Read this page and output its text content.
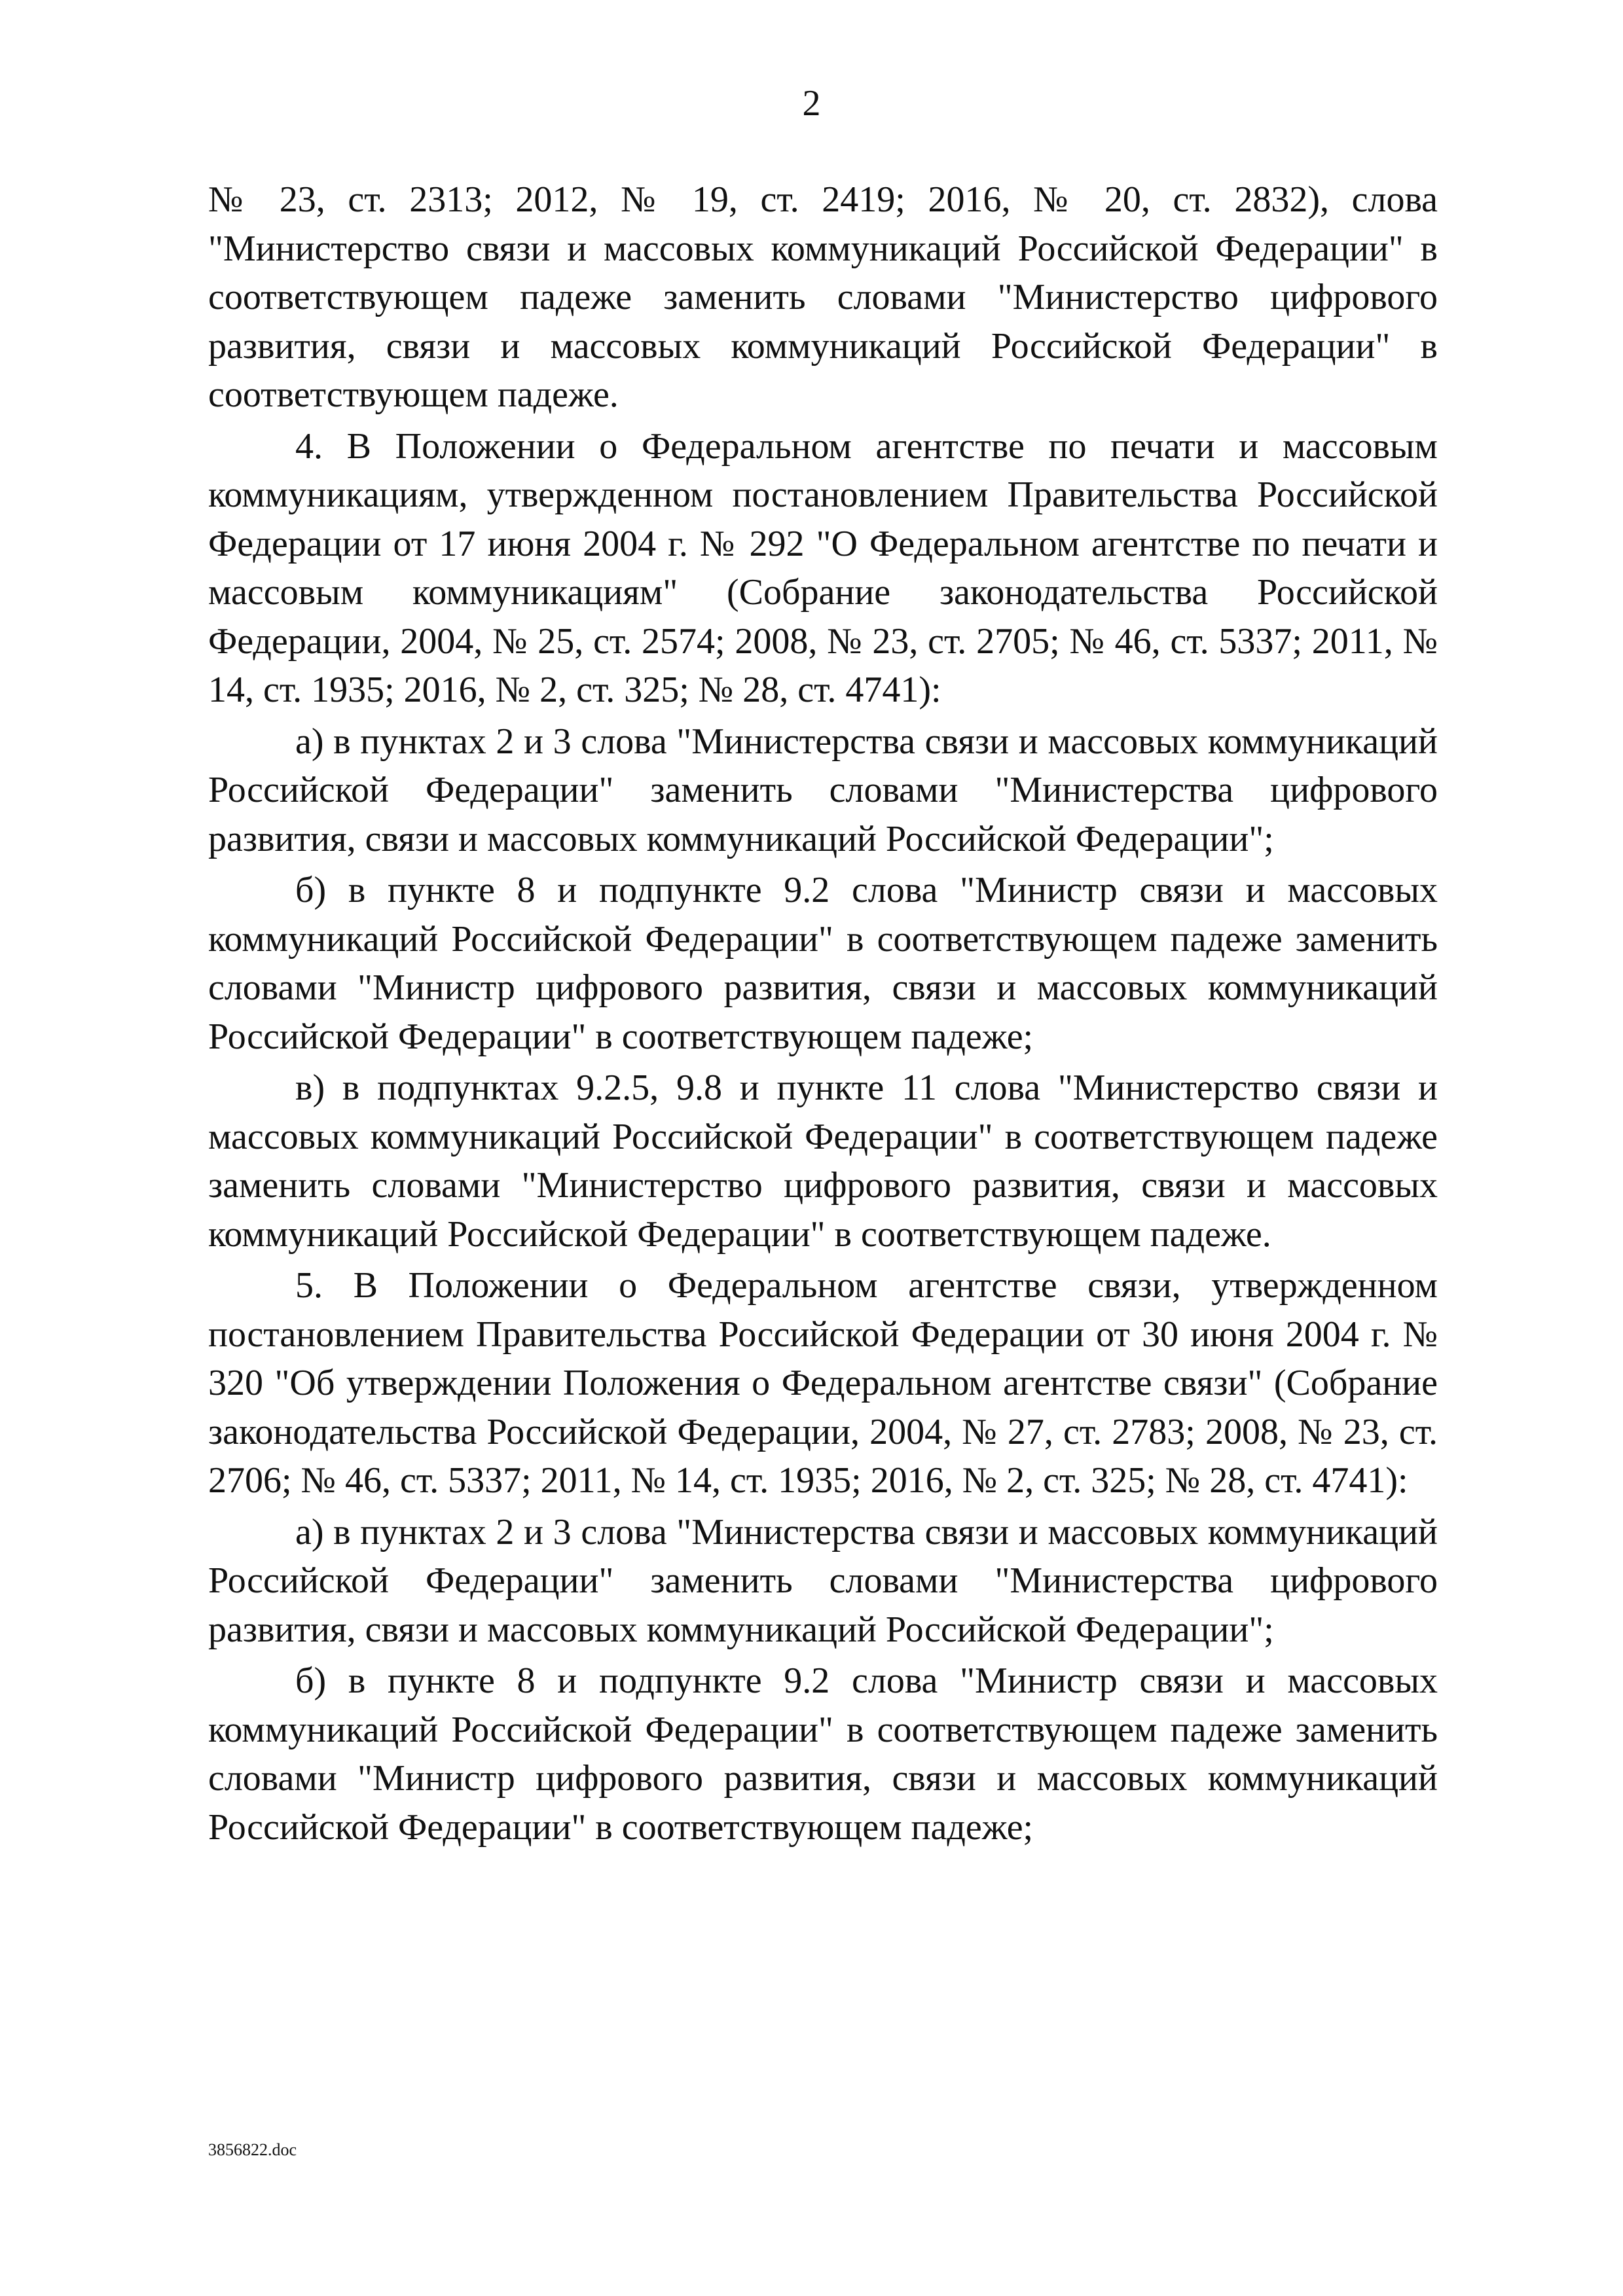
2

№ 23, ст. 2313; 2012, № 19, ст. 2419; 2016, № 20, ст. 2832), слова "Министерство связи и массовых коммуникаций Российской Федерации" в соответствующем падеже заменить словами "Министерство цифрового развития, связи и массовых коммуникаций Российской Федерации" в соответствующем падеже.

4. В Положении о Федеральном агентстве по печати и массовым коммуникациям, утвержденном постановлением Правительства Российской Федерации от 17 июня 2004 г. № 292 "О Федеральном агентстве по печати и массовым коммуникациям" (Собрание законодательства Российской Федерации, 2004, № 25, ст. 2574; 2008, № 23, ст. 2705; № 46, ст. 5337; 2011, № 14, ст. 1935; 2016, № 2, ст. 325; № 28, ст. 4741):

а) в пунктах 2 и 3 слова "Министерства связи и массовых коммуникаций Российской Федерации" заменить словами "Министерства цифрового развития, связи и массовых коммуникаций Российской Федерации";

б) в пункте 8 и подпункте 9.2 слова "Министр связи и массовых коммуникаций Российской Федерации" в соответствующем падеже заменить словами "Министр цифрового развития, связи и массовых коммуникаций Российской Федерации" в соответствующем падеже;

в) в подпунктах 9.2.5, 9.8 и пункте 11 слова "Министерство связи и массовых коммуникаций Российской Федерации" в соответствующем падеже заменить словами "Министерство цифрового развития, связи и массовых коммуникаций Российской Федерации" в соответствующем падеже.

5. В Положении о Федеральном агентстве связи, утвержденном постановлением Правительства Российской Федерации от 30 июня 2004 г. № 320 "Об утверждении Положения о Федеральном агентстве связи" (Собрание законодательства Российской Федерации, 2004, № 27, ст. 2783; 2008, № 23, ст. 2706; № 46, ст. 5337; 2011, № 14, ст. 1935; 2016, № 2, ст. 325; № 28, ст. 4741):

а) в пунктах 2 и 3 слова "Министерства связи и массовых коммуникаций Российской Федерации" заменить словами "Министерства цифрового развития, связи и массовых коммуникаций Российской Федерации";

б) в пункте 8 и подпункте 9.2 слова "Министр связи и массовых коммуникаций Российской Федерации" в соответствующем падеже заменить словами "Министр цифрового развития, связи и массовых коммуникаций Российской Федерации" в соответствующем падеже;

3856822.doc
